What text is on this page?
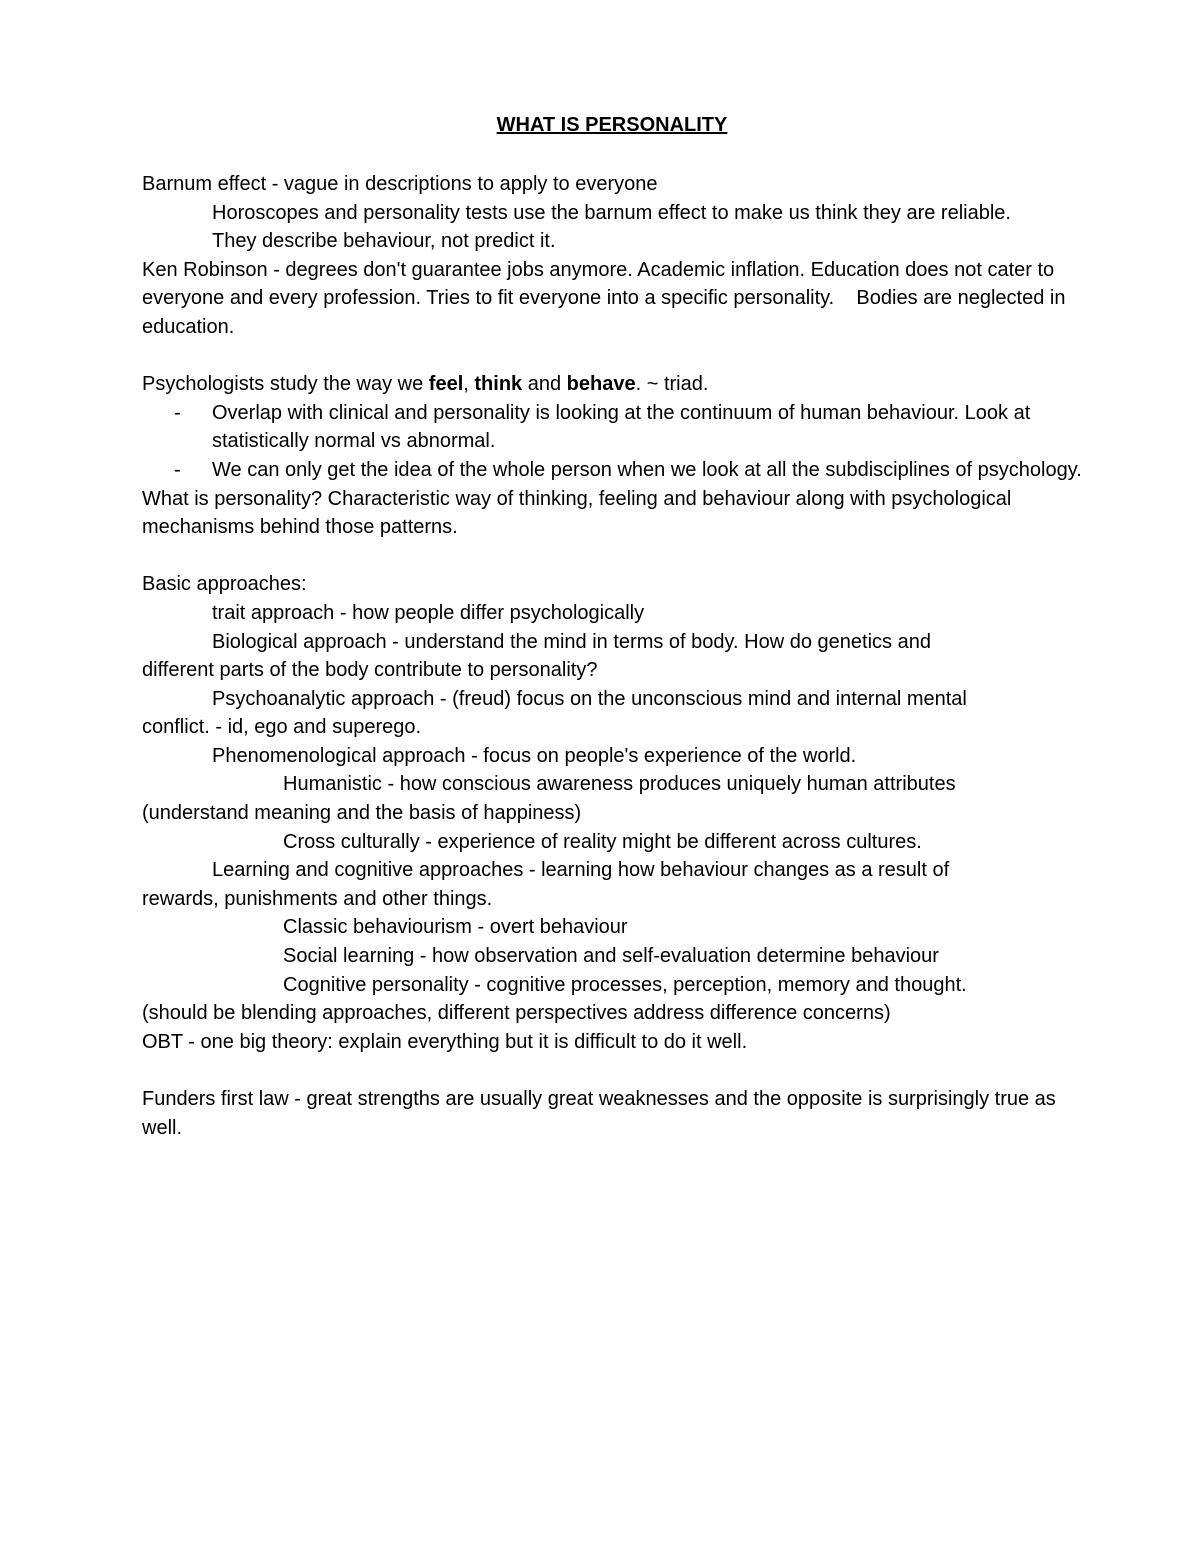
WHAT IS PERSONALITY

Barnum effect - vague in descriptions to apply to everyone

Horoscopes and personality tests use the barnum effect to make us think they are reliable.

They describe behaviour, not predict it.

Ken Robinson - degrees don't guarantee jobs anymore. Academic inflation. Education does not cater to everyone and every profession. Tries to fit everyone into a specific personality.    Bodies are neglected in education.

Psychologists study the way we feel, think and behave. ~ triad.

- Overlap with clinical and personality is looking at the continuum of human behaviour. Look at statistically normal vs abnormal.
- We can only get the idea of the whole person when we look at all the subdisciplines of psychology.

What is personality? Characteristic way of thinking, feeling and behaviour along with psychological mechanisms behind those patterns.

Basic approaches:

trait approach - how people differ psychologically

Biological approach - understand the mind in terms of body. How do genetics and

different parts of the body contribute to personality?

Psychoanalytic approach - (freud) focus on the unconscious mind and internal mental

conflict. - id, ego and superego.

Phenomenological approach - focus on people's experience of the world.

Humanistic - how conscious awareness produces uniquely human attributes

(understand meaning and the basis of happiness)

Cross culturally - experience of reality might be different across cultures.

Learning and cognitive approaches - learning how behaviour changes as a result of

rewards, punishments and other things.

Classic behaviourism - overt behaviour

Social learning - how observation and self-evaluation determine behaviour

Cognitive personality - cognitive processes, perception, memory and thought.

(should be blending approaches, different perspectives address difference concerns)

OBT - one big theory: explain everything but it is difficult to do it well.

Funders first law - great strengths are usually great weaknesses and the opposite is surprisingly true as well.
